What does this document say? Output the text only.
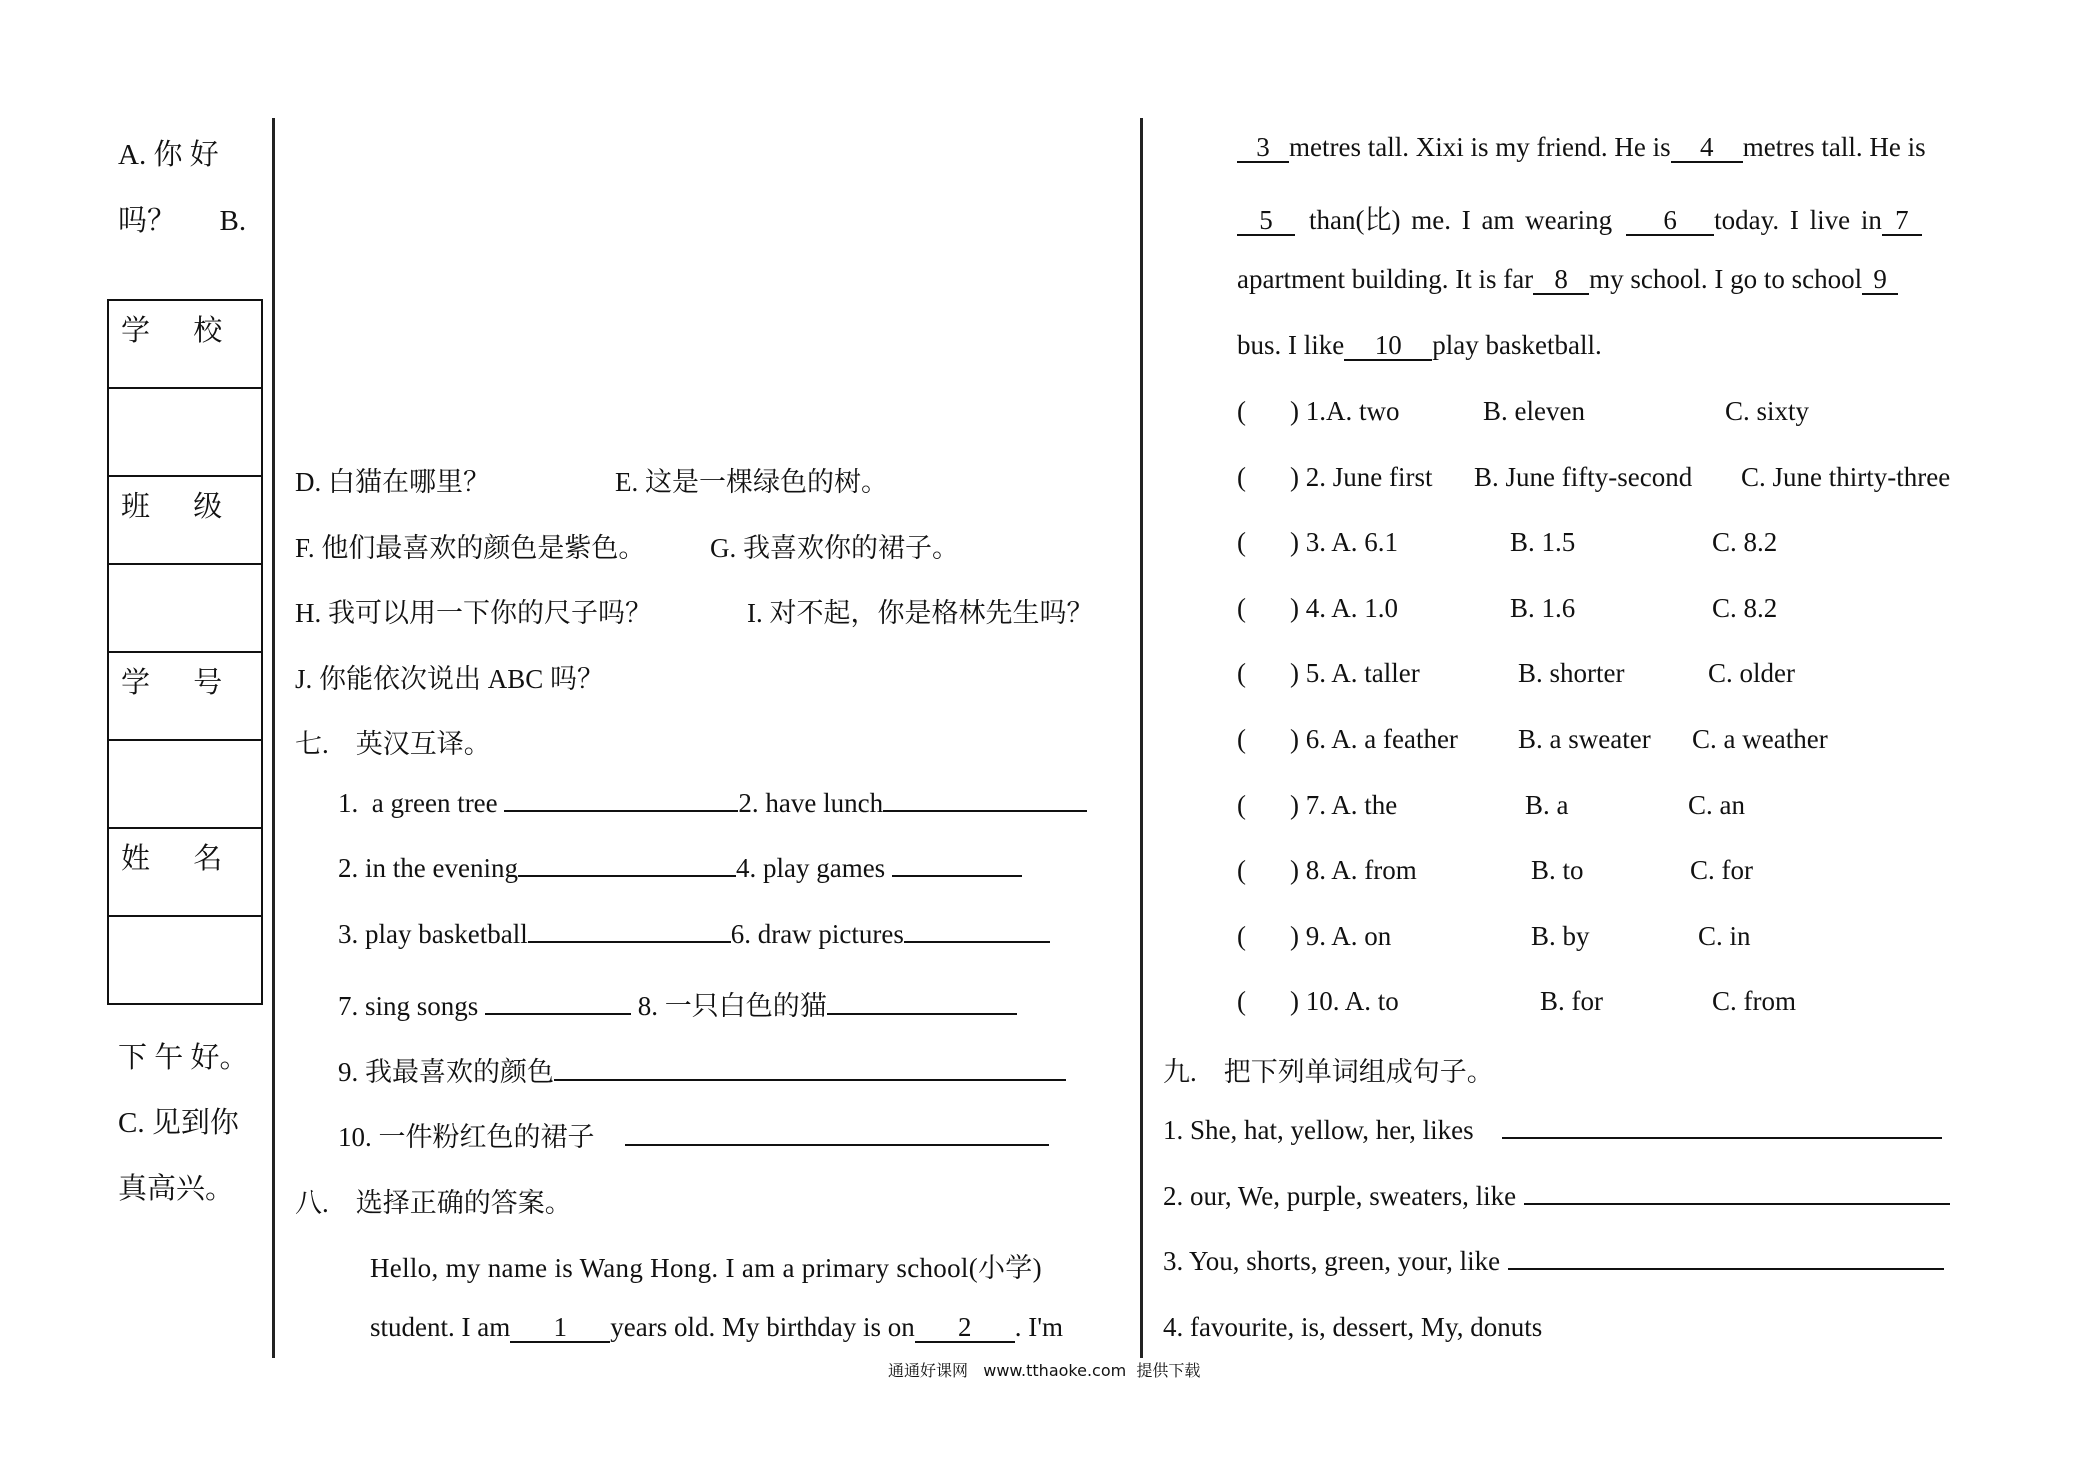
A. 你 好
吗？      B.
学 校

班 级

学 号

姓 名

下 午 好。
C. 见到你
真高兴。
D. 白猫在哪里？	E. 这是一棵绿色的树。
F. 他们最喜欢的颜色是紫色。 G. 我喜欢你的裙子。
H. 我可以用一下你的尺子吗？	I. 对不起，你是格林先生吗？
J. 你能依次说出 ABC 吗？
七.    英汉互译。
1.  a green tree	2. have lunch
2. in the evening	4. play games
3. play basketball	6. draw pictures
7. sing songs	8. 一只白色的猫
9. 我最喜欢的颜色
10. 一件粉红色的裙子
八.    选择正确的答案。
Hello, my name is Wang Hong. I am a primary school(小学)
student. I am 1 years old. My birthday is on 2 . I'm
3 metres tall. Xixi is my friend. He is 4 metres tall. He is
5 than(比) me. I am wearing 6 today. I live in 7
apartment building. It is far 8 my school. I go to school 9
bus. I like 10 play basketball.
( ) 1.A. two	B. eleven	C. sixty
( ) 2. June first B. June fifty-second C. June thirty-three
( ) 3. A. 6.1	B. 1.5	C. 8.2
( ) 4. A. 1.0	B. 1.6	C. 8.2
( ) 5. A. taller	B. shorter	C. older
( ) 6. A. a feather B. a sweater C. a weather
( ) 7. A. the	B. a	C. an
( ) 8. A. from	B. to	C. for
( ) 9. A. on	B. by	C. in
( ) 10. A. to	B. for	C. from
九.    把下列单词组成句子。
1. She, hat, yellow, her, likes
2. our, We, purple, sweaters, like
3. You, shorts, green, your, like
4. favourite, is, dessert, My, donuts
通通好课网   www.tthaoke.com  提供下载
